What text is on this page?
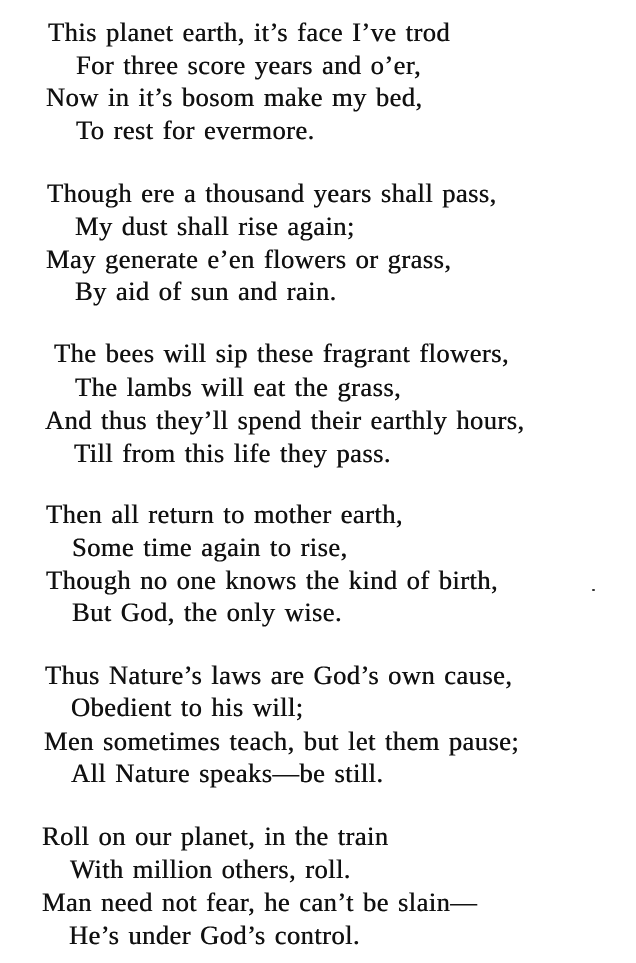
This planet earth, it’s face I’ve trod
For three score years and o’er,
Now in it’s bosom make my bed,
To rest for evermore.
Though ere a thousand years shall pass,
My dust shall rise again;
May generate e’en flowers or grass,
By aid of sun and rain.
The bees will sip these fragrant flowers,
The lambs will eat the grass,
And thus they’ll spend their earthly hours,
Till from this life they pass.
Then all return to mother earth,
Some time again to rise,
Though no one knows the kind of birth,
But God, the only wise.
Thus Nature’s laws are God’s own cause,
Obedient to his will;
Men sometimes teach, but let them pause;
All Nature speaks—be still.
Roll on our planet, in the train
With million others, roll.
Man need not fear, he can’t be slain—
He’s under God’s control.
